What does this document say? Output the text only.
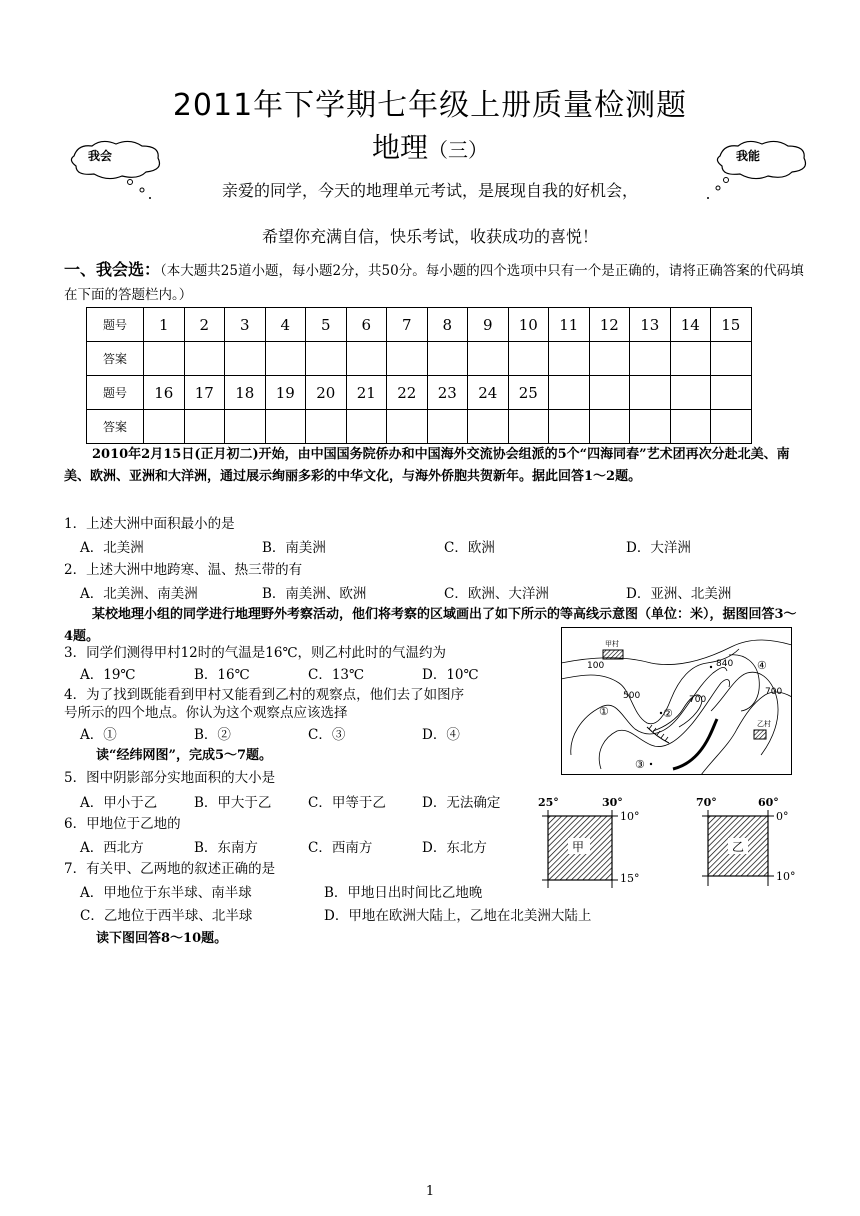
2011年下学期七年级上册质量检测题
地理（三）
我会	我能
亲爱的同学，今天的地理单元考试，是展现自我的好机会，
希望你充满自信，快乐考试，收获成功的喜悦！
一、我会选：（本大题共25道小题，每小题2分，共50分。每小题的四个选项中只有一个是正确的，请将正确答案的代码填在下面的答题栏内。）
题号	1	2	3	4	5	6	7	8	9	10	11	12	13	14	15
答案															
题号	16	17	18	19	20	21	22	23	24	25					
答案															
2010年2月15日(正月初二)开始，由中国国务院侨办和中国海外交流协会组派的5个“四海同春”艺术团再次分赴北美、南美、欧洲、亚洲和大洋洲，通过展示绚丽多彩的中华文化，与海外侨胞共贺新年。据此回答1～2题。
1．上述大洲中面积最小的是
A．北美洲	B．南美洲	C．欧洲	D．大洋洲
2．上述大洲中地跨寒、温、热三带的有
A．北美洲、南美洲	B．南美洲、欧洲	C．欧洲、大洋洲	D．亚洲、北美洲
某校地理小组的同学进行地理野外考察活动，他们将考察的区域画出了如下所示的等高线示意图（单位：米），据图回答3～4题。
3．同学们测得甲村12时的气温是16℃，则乙村此时的气温约为
A．19℃	B．16℃	C．13℃	D．10℃
4．为了找到既能看到甲村又能看到乙村的观察点，他们去了如图序
号所示的四个地点。你认为这个观察点应该选择
A．①	B．②	C．③	D．④
读“经纬网图”，完成5～7题。
5．图中阴影部分实地面积的大小是
A．甲小于乙	B．甲大于乙	C．甲等于乙	D．无法确定
6．甲地位于乙地的
A．西北方	B．东南方	C．西南方	D．东北方
7．有关甲、乙两地的叙述正确的是
A．甲地位于东半球、南半球	B．甲地日出时间比乙地晚
C．乙地位于西半球、北半球	D．甲地在欧洲大陆上，乙地在北美洲大陆上
读下图回答8～10题。
甲村
乙村
100
500	700
700
840
①	②
③
④
25°	30°
10°
15°
甲
70°	60°
0°
10°
乙
1
